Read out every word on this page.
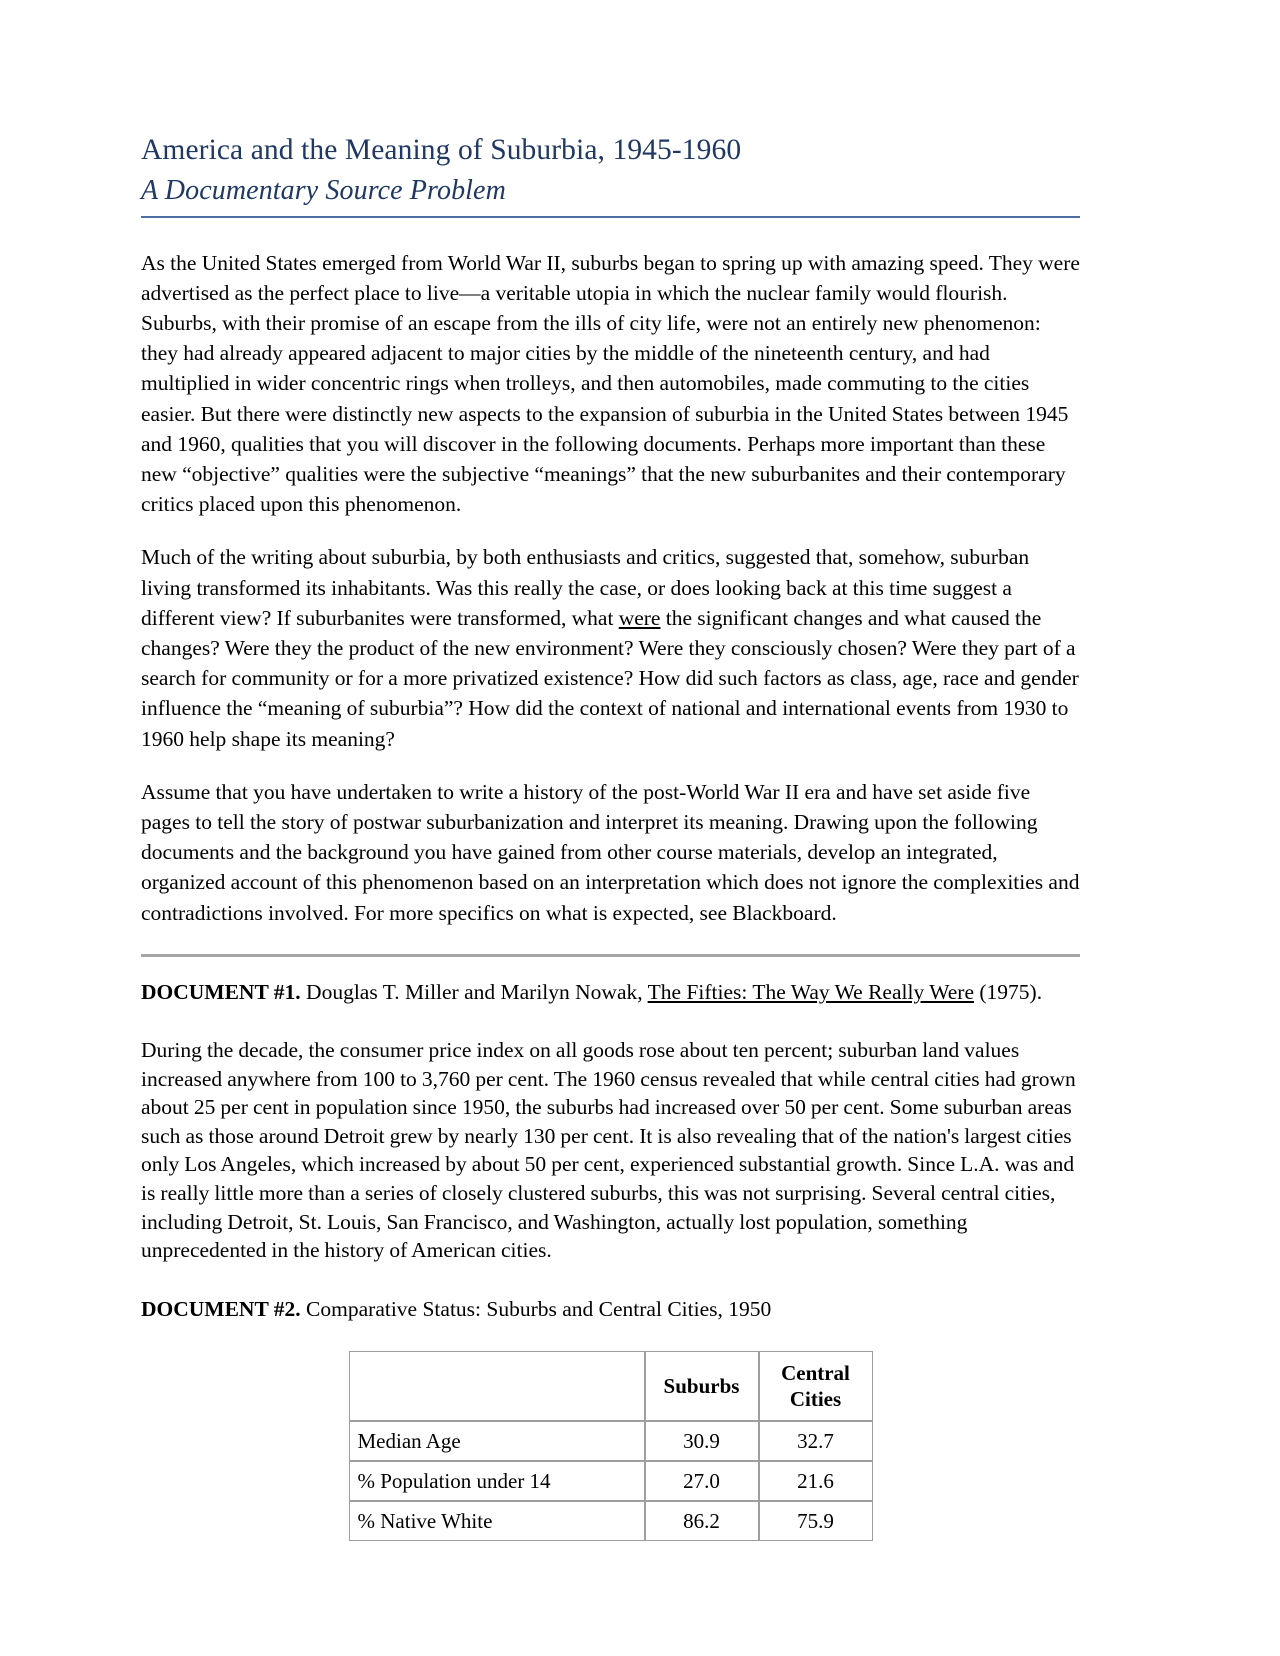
America and the Meaning of Suburbia, 1945-1960
A Documentary Source Problem

As the United States emerged from World War II, suburbs began to spring up with amazing speed. They were advertised as the perfect place to live—a veritable utopia in which the nuclear family would flourish. Suburbs, with their promise of an escape from the ills of city life, were not an entirely new phenomenon: they had already appeared adjacent to major cities by the middle of the nineteenth century, and had multiplied in wider concentric rings when trolleys, and then automobiles, made commuting to the cities easier. But there were distinctly new aspects to the expansion of suburbia in the United States between 1945 and 1960, qualities that you will discover in the following documents. Perhaps more important than these new “objective” qualities were the subjective “meanings” that the new suburbanites and their contemporary critics placed upon this phenomenon.

Much of the writing about suburbia, by both enthusiasts and critics, suggested that, somehow, suburban living transformed its inhabitants. Was this really the case, or does looking back at this time suggest a different view? If suburbanites were transformed, what were the significant changes and what caused the changes? Were they the product of the new environment? Were they consciously chosen? Were they part of a search for community or for a more privatized existence? How did such factors as class, age, race and gender influence the “meaning of suburbia”? How did the context of national and international events from 1930 to 1960 help shape its meaning?

Assume that you have undertaken to write a history of the post-World War II era and have set aside five pages to tell the story of postwar suburbanization and interpret its meaning. Drawing upon the following documents and the background you have gained from other course materials, develop an integrated, organized account of this phenomenon based on an interpretation which does not ignore the complexities and contradictions involved. For more specifics on what is expected, see Blackboard.

DOCUMENT #1. Douglas T. Miller and Marilyn Nowak, The Fifties: The Way We Really Were (1975).

During the decade, the consumer price index on all goods rose about ten percent; suburban land values increased anywhere from 100 to 3,760 per cent. The 1960 census revealed that while central cities had grown about 25 per cent in population since 1950, the suburbs had increased over 50 per cent. Some suburban areas such as those around Detroit grew by nearly 130 per cent. It is also revealing that of the nation's largest cities only Los Angeles, which increased by about 50 per cent, experienced substantial growth. Since L.A. was and is really little more than a series of closely clustered suburbs, this was not surprising. Several central cities, including Detroit, St. Louis, San Francisco, and Washington, actually lost population, something unprecedented in the history of American cities.

DOCUMENT #2. Comparative Status: Suburbs and Central Cities, 1950

	Suburbs	Central Cities
Median Age	30.9	32.7
% Population under 14	27.0	21.6
% Native White	86.2	75.9
